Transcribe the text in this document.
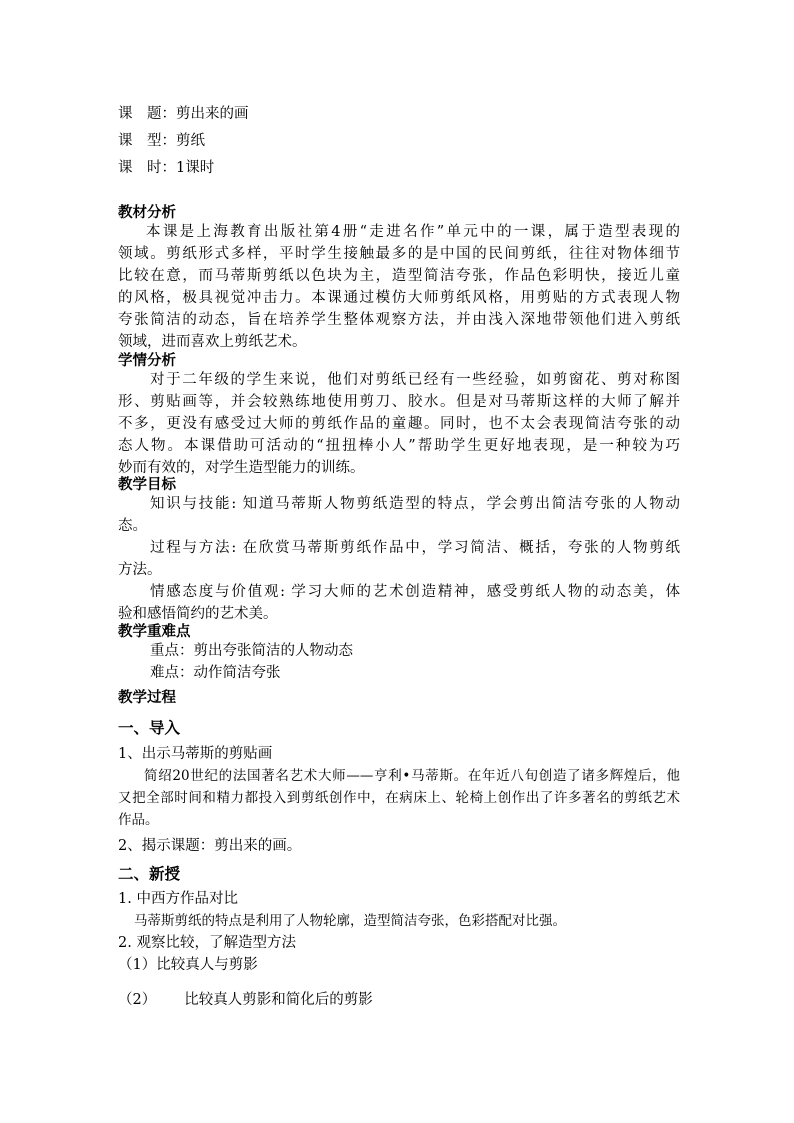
课　题：剪出来的画
课　型：剪纸
课　时：1课时
教材分析
本课是上海教育出版社第4册“走进名作”单元中的一课，属于造型表现的
领域。剪纸形式多样，平时学生接触最多的是中国的民间剪纸，往往对物体细节
比较在意，而马蒂斯剪纸以色块为主，造型简洁夸张，作品色彩明快，接近儿童
的风格，极具视觉冲击力。本课通过模仿大师剪纸风格，用剪贴的方式表现人物
夸张简洁的动态，旨在培养学生整体观察方法，并由浅入深地带领他们进入剪纸
领域，进而喜欢上剪纸艺术。
学情分析
对于二年级的学生来说，他们对剪纸已经有一些经验，如剪窗花、剪对称图
形、剪贴画等，并会较熟练地使用剪刀、胶水。但是对马蒂斯这样的大师了解并
不多，更没有感受过大师的剪纸作品的童趣。同时，也不太会表现简洁夸张的动
态人物。本课借助可活动的“扭扭棒小人”帮助学生更好地表现，是一种较为巧
妙而有效的，对学生造型能力的训练。
教学目标
知识与技能: 知道马蒂斯人物剪纸造型的特点，学会剪出简洁夸张的人物动
态。
过程与方法: 在欣赏马蒂斯剪纸作品中，学习简洁、概括，夸张的人物剪纸
方法。
情感态度与价值观: 学习大师的艺术创造精神，感受剪纸人物的动态美，体
验和感悟简约的艺术美。
教学重难点
重点：剪出夸张简洁的人物动态
难点：动作简洁夸张
教学过程
一、导入
1、出示马蒂斯的剪贴画
简绍20世纪的法国著名艺术大师——亨利•马蒂斯。在年近八旬创造了诸多辉煌后，他
又把全部时间和精力都投入到剪纸创作中，在病床上、轮椅上创作出了许多著名的剪纸艺术
作品。
2、揭示课题：剪出来的画。
二、新授
1. 中西方作品对比
马蒂斯剪纸的特点是利用了人物轮廓，造型简洁夸张，色彩搭配对比强。
2. 观察比较，了解造型方法
（1）比较真人与剪影
（2） 比较真人剪影和简化后的剪影
